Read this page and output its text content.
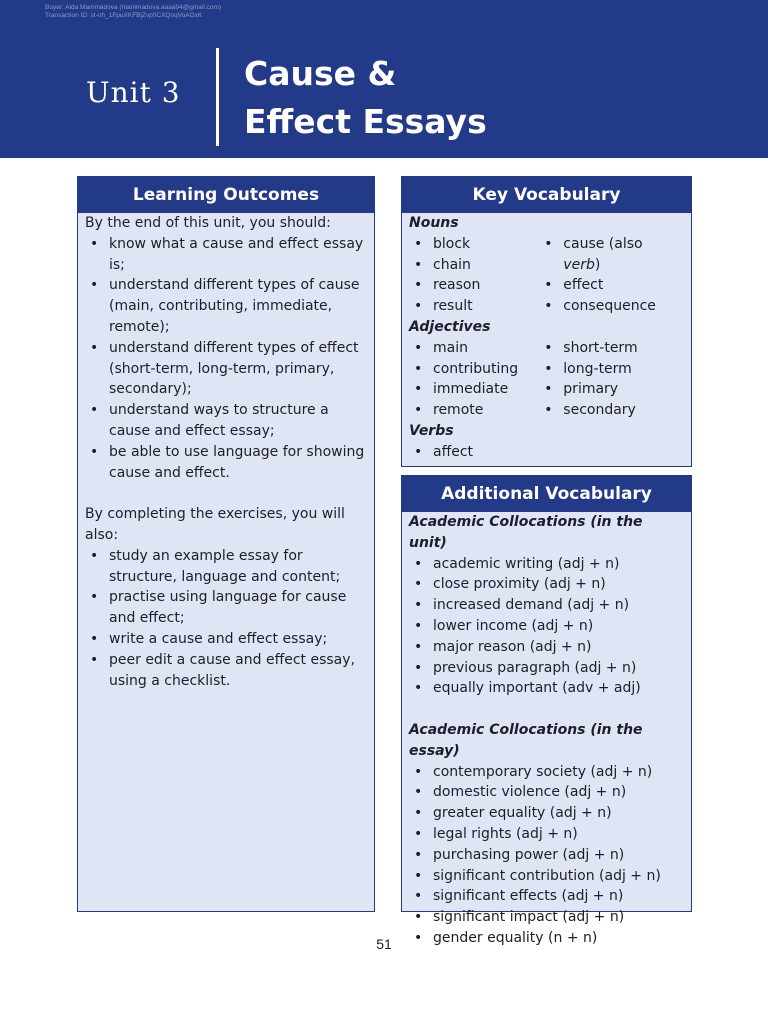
Buyer: Aida Mammadova (mammadova.aaaa94@gmail.com)
Transaction ID: st-oh_1FpuXKFBjZvp0CXQoqVoAGxK
Unit 3 Cause &
Effect Essays
Learning Outcomes

By the end of this unit, you should:

• know what a cause and effect essay is;
• understand different types of cause (main, contributing, immediate, remote);
• understand different types of effect (short-term, long-term, primary, secondary);
• understand ways to structure a cause and effect essay;
• be able to use language for showing cause and effect.

By completing the exercises, you will also:

• study an example essay for structure, language and content;
• practise using language for cause and effect;
• write a cause and effect essay;
• peer edit a cause and effect essay, using a checklist.
Key Vocabulary
Nouns
• block
• chain
• reason
• result
• cause (also verb)
• effect
• consequence
Adjectives
• main
• contributing
• immediate
• remote
• short-term
• long-term
• primary
• secondary
Verbs
• affect
Additional Vocabulary
Academic Collocations (in the unit)
• academic writing (adj + n)
• close proximity (adj + n)
• increased demand (adj + n)
• lower income (adj + n)
• major reason (adj + n)
• previous paragraph (adj + n)
• equally important (adv + adj)
Academic Collocations (in the essay)
• contemporary society (adj + n)
• domestic violence (adj + n)
• greater equality (adj + n)
• legal rights (adj + n)
• purchasing power (adj + n)
• significant contribution (adj + n)
• significant effects (adj + n)
• significant impact (adj + n)
• gender equality (n + n)
51
